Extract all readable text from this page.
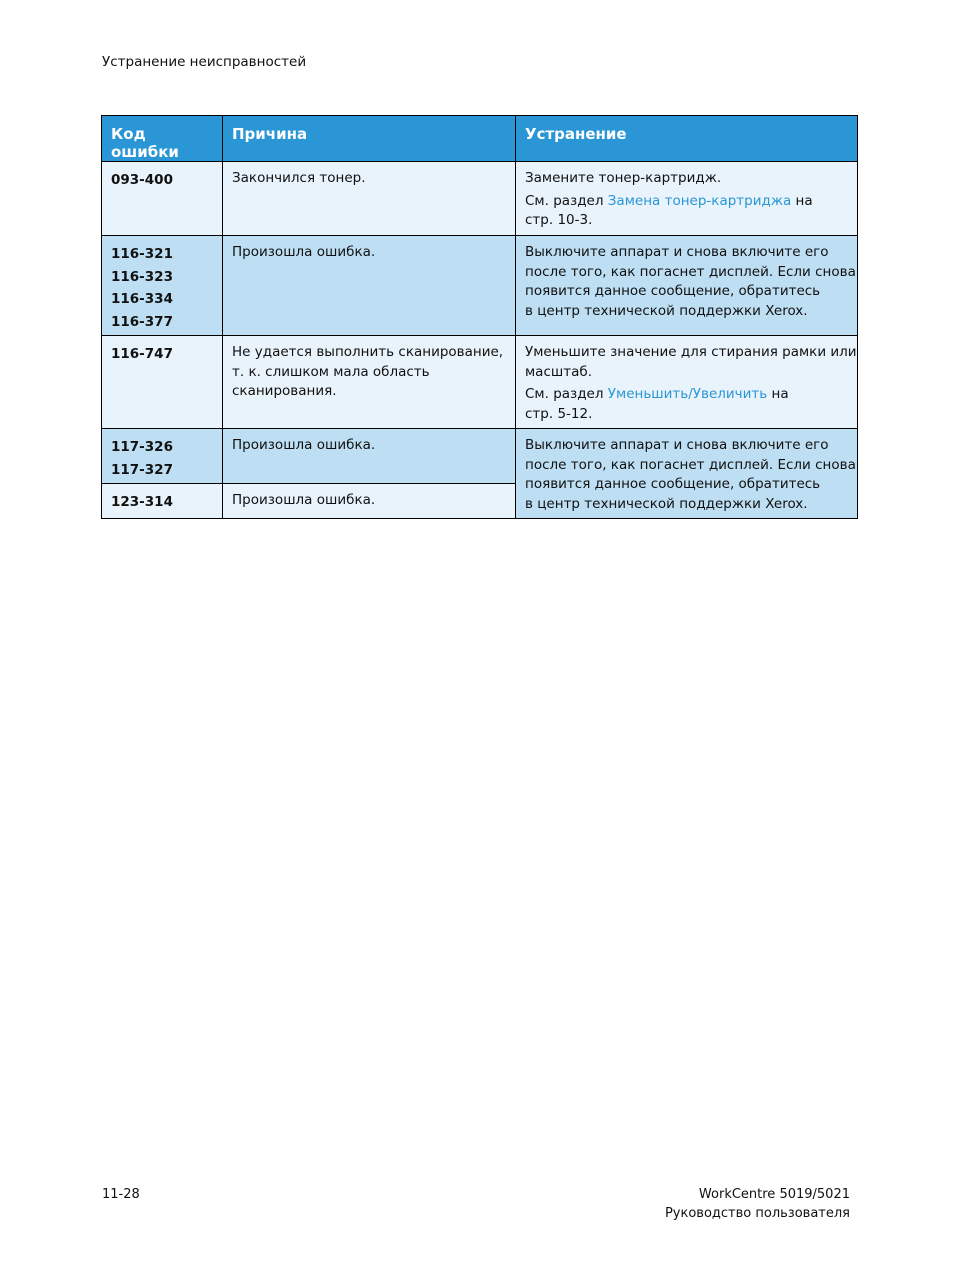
Устранение неисправностей
Код ошибки	Причина	Устранение

093-400	Закончился тонер.	Замените тонер-картридж.
См. раздел Замена тонер-картриджа на
стр. 10-3.

116-321
116-323
116-334
116-377	Произошла ошибка.	Выключите аппарат и снова включите его
после того, как погаснет дисплей. Если снова
появится данное сообщение, обратитесь
в центр технической поддержки Xerox.

116-747	Не удается выполнить сканирование,
т. к. слишком мала область
сканирования.	Уменьшите значение для стирания рамки или
масштаб.
См. раздел Уменьшить/Увеличить на
стр. 5-12.

117-326
117-327	Произошла ошибка.	Выключите аппарат и снова включите его
после того, как погаснет дисплей. Если снова
появится данное сообщение, обратитесь
в центр технической поддержки Xerox.

123-314	Произошла ошибка.	
11-28	WorkCentre 5019/5021
Руководство пользователя
